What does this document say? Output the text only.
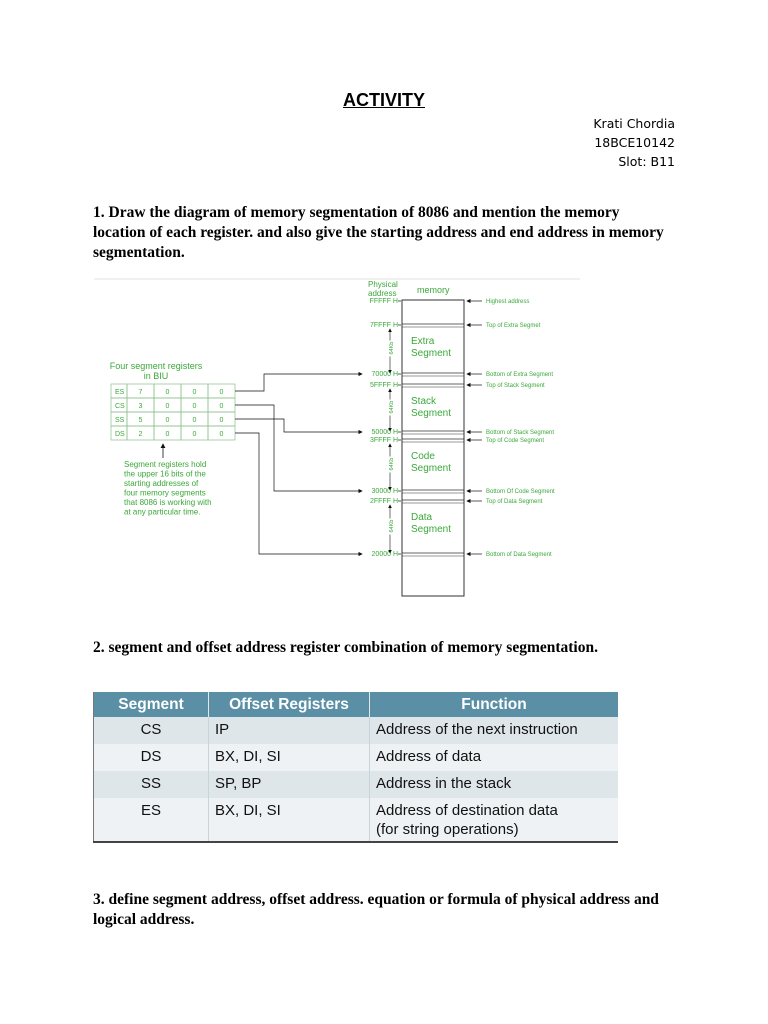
ACTIVITY
Krati Chordia
18BCE10142
Slot: B11
1. Draw the diagram of memory segmentation of 8086 and mention the memory location of each register. and also give the starting address and end address in memory segmentation.
Physical
address memory
FFFFF H
7FFFF H
70000 H
5FFFF H
50000 H
3FFFF H
30000 H
2FFFF H
20000 H
Highest address
Top of Extra Segmet
Bottom of Extra Segment
Top of Stack Segment
Bottom of Stack Segment
Top of Code Segment
Bottom Of Code Segment
Top of Data Segment
Bottom of Data Segment
Extra
Segment
Stack
Segment
Code
Segment
Data
Segment
64Kb
64Kb
64Kb
64Kb
Four segment registers
in BIU
ES 7	0	0	0
CS 3	0	0	0
SS 5	0	0	0
DS 2	0	0	0
Segment registers hold
the upper 16 bits of the
starting addresses of
four memory segments
that 8086 is working with
at any particular time.
2. segment and offset address register combination of memory segmentation.
Segment	Offset Registers	Function
CS	IP	Address of the next instruction
DS	BX, DI, SI	Address of data
SS	SP, BP	Address in the stack
ES	BX, DI, SI	Address of destination data
(for string operations)
3. define segment address, offset address. equation or formula of physical address and logical address.
